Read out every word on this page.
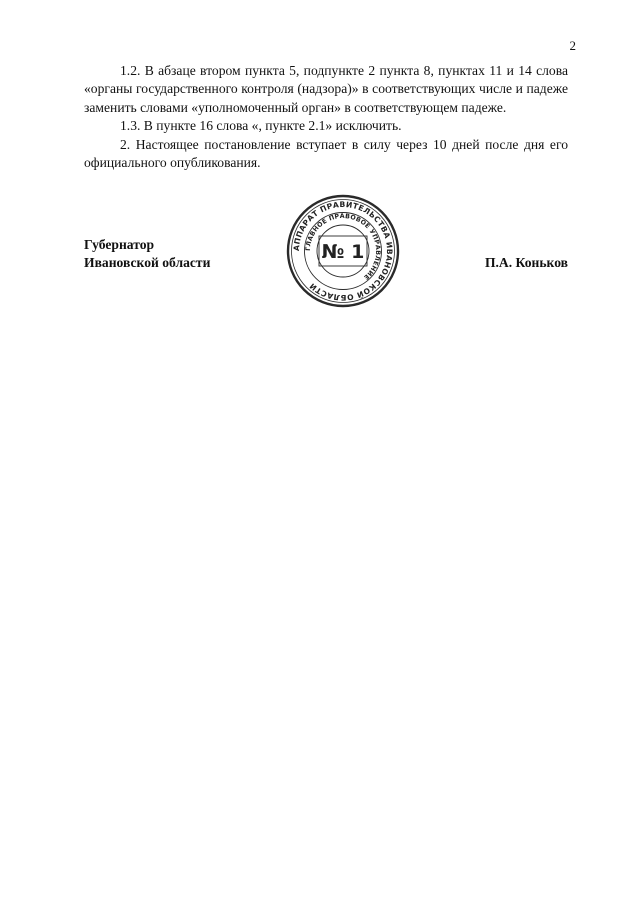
2

1.2. В абзаце втором пункта 5, подпункте 2 пункта 8, пунктах 11 и 14 слова «органы государственного контроля (надзора)» в соответствующих числе и падеже заменить словами «уполномоченный орган» в соответствующем падеже.

1.3. В пункте 16 слова «, пункте 2.1» исключить.

2. Настоящее постановление вступает в силу через 10 дней после дня его официального опубликования.

Губернатор
Ивановской области	П.А. Коньков
АППАРАТ ПРАВИТЕЛЬСТВА ИВАНОВСКОЙ ОБЛАСТИ
ГЛАВНОЕ ПРАВОВОЕ УПРАВЛЕНИЕ
№ 1
